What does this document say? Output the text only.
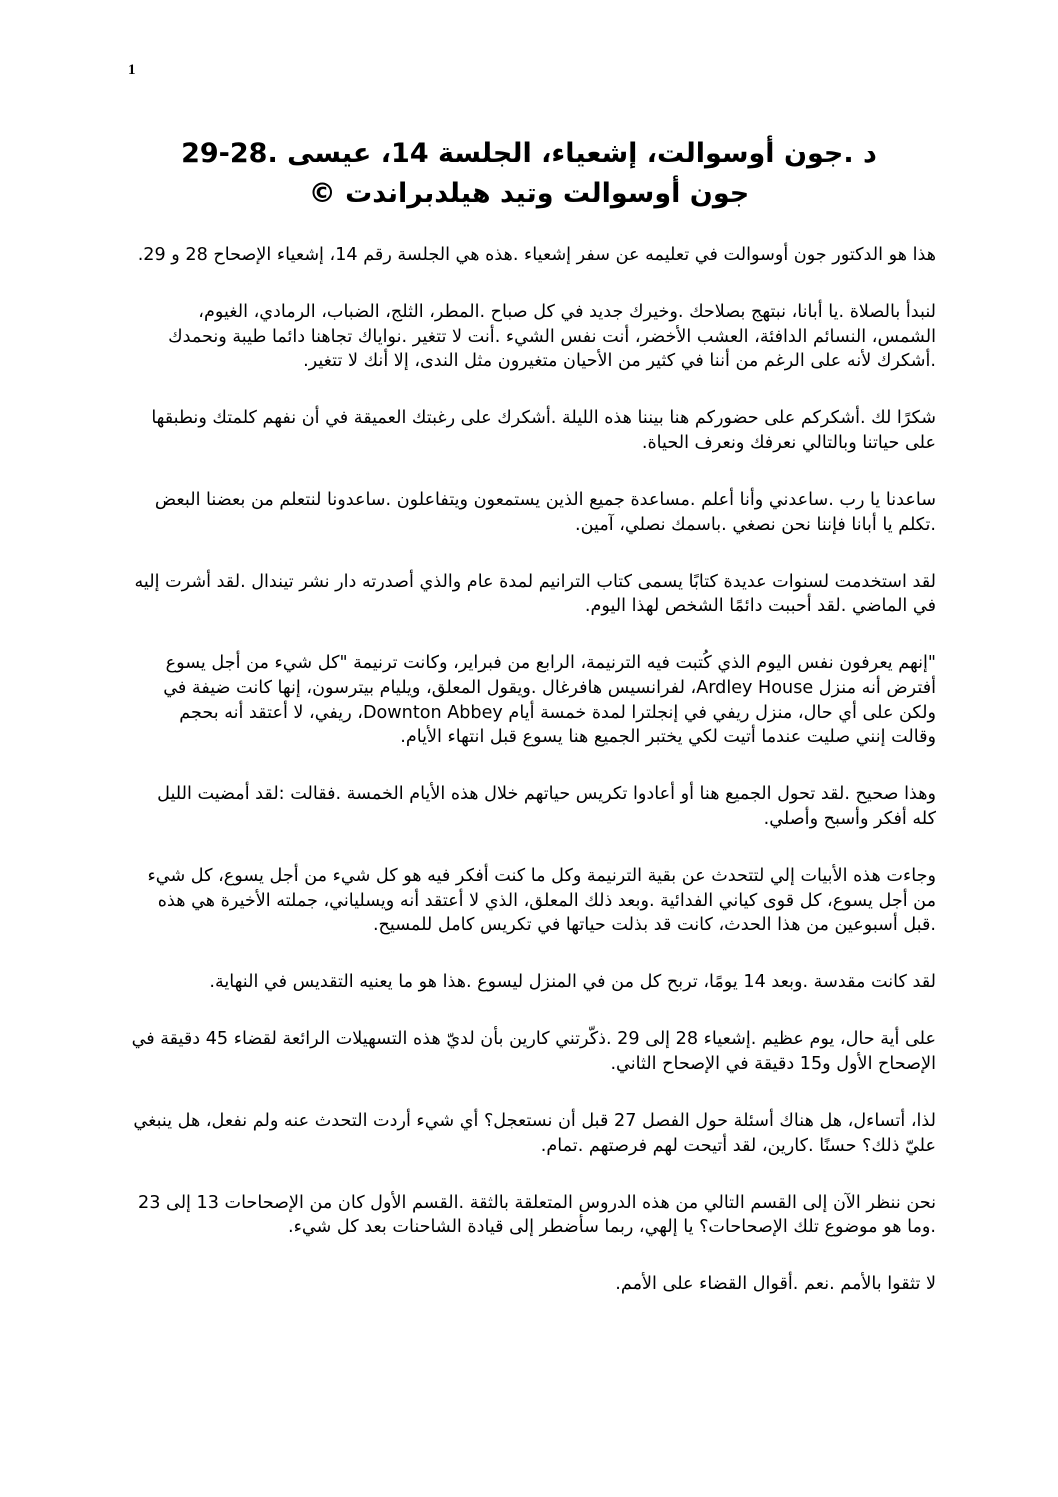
1
د .جون أوسوالت، إشعياء، الجلسة 14، عيسى .28-29
جون أوسوالت وتيد هيلدبراندت ©

هذا هو الدكتور جون أوسوالت في تعليمه عن سفر إشعياء .هذه هي الجلسة رقم 14، إشعياء الإصحاح 28 و 29.

لنبدأ بالصلاة .يا أبانا، نبتهج بصلاحك .وخيرك جديد في كل صباح .المطر، الثلج، الضباب، الرمادي، الغيوم، الشمس، النسائم الدافئة، العشب الأخضر، أنت نفس الشيء .أنت لا تتغير .نواياك تجاهنا دائما طيبة ونحمدك .أشكرك لأنه على الرغم من أننا في كثير من الأحيان متغيرون مثل الندى، إلا أنك لا تتغير.

شكرًا لك .أشكركم على حضوركم هنا بيننا هذه الليلة .أشكرك على رغبتك العميقة في أن نفهم كلمتك ونطبقها على حياتنا وبالتالي نعرفك ونعرف الحياة.

ساعدنا يا رب .ساعدني وأنا أعلم .مساعدة جميع الذين يستمعون ويتفاعلون .ساعدونا لنتعلم من بعضنا البعض .تكلم يا أبانا فإننا نحن نصغي .باسمك نصلي، آمين.

لقد استخدمت لسنوات عديدة كتابًا يسمى كتاب الترانيم لمدة عام والذي أصدرته دار نشر تيندال .لقد أشرت إليه في الماضي .لقد أحببت دائمًا الشخص لهذا اليوم.

"إنهم يعرفون نفس اليوم الذي كُتبت فيه الترنيمة، الرابع من فبراير، وكانت ترنيمة "كل شيء من أجل يسوع أفترض أنه منزل Ardley House، لفرانسيس هافرغال .ويقول المعلق، ويليام بيترسون، إنها كانت ضيفة في ولكن على أي حال، منزل ريفي في إنجلترا لمدة خمسة أيام Downton Abbey، ريفي، لا أعتقد أنه بحجم وقالت إنني صليت عندما أتيت لكي يختبر الجميع هنا يسوع قبل انتهاء الأيام.

وهذا صحيح .لقد تحول الجميع هنا أو أعادوا تكريس حياتهم خلال هذه الأيام الخمسة .فقالت :لقد أمضيت الليل كله أفكر وأسبح وأصلي.

وجاءت هذه الأبيات إلي لتتحدث عن بقية الترنيمة وكل ما كنت أفكر فيه هو كل شيء من أجل يسوع، كل شيء من أجل يسوع، كل قوى كياني الفدائية .وبعد ذلك المعلق، الذي لا أعتقد أنه ويسلياني، جملته الأخيرة هي هذه .قبل أسبوعين من هذا الحدث، كانت قد بذلت حياتها في تكريس كامل للمسيح.

لقد كانت مقدسة .وبعد 14 يومًا، تربح كل من في المنزل ليسوع .هذا هو ما يعنيه التقديس في النهاية.

على أية حال، يوم عظيم .إشعياء 28 إلى 29 .ذكّرتني كارين بأن لديّ هذه التسهيلات الرائعة لقضاء 45 دقيقة في الإصحاح الأول و15 دقيقة في الإصحاح الثاني.

لذا، أتساءل، هل هناك أسئلة حول الفصل 27 قبل أن نستعجل؟ أي شيء أردت التحدث عنه ولم نفعل، هل ينبغي عليّ ذلك؟ حسنًا .كارين، لقد أتيحت لهم فرصتهم .تمام.

نحن ننظر الآن إلى القسم التالي من هذه الدروس المتعلقة بالثقة .القسم الأول كان من الإصحاحات 13 إلى 23 .وما هو موضوع تلك الإصحاحات؟ يا إلهي، ربما سأضطر إلى قيادة الشاحنات بعد كل شيء.

لا تثقوا بالأمم .نعم .أقوال القضاء على الأمم.
